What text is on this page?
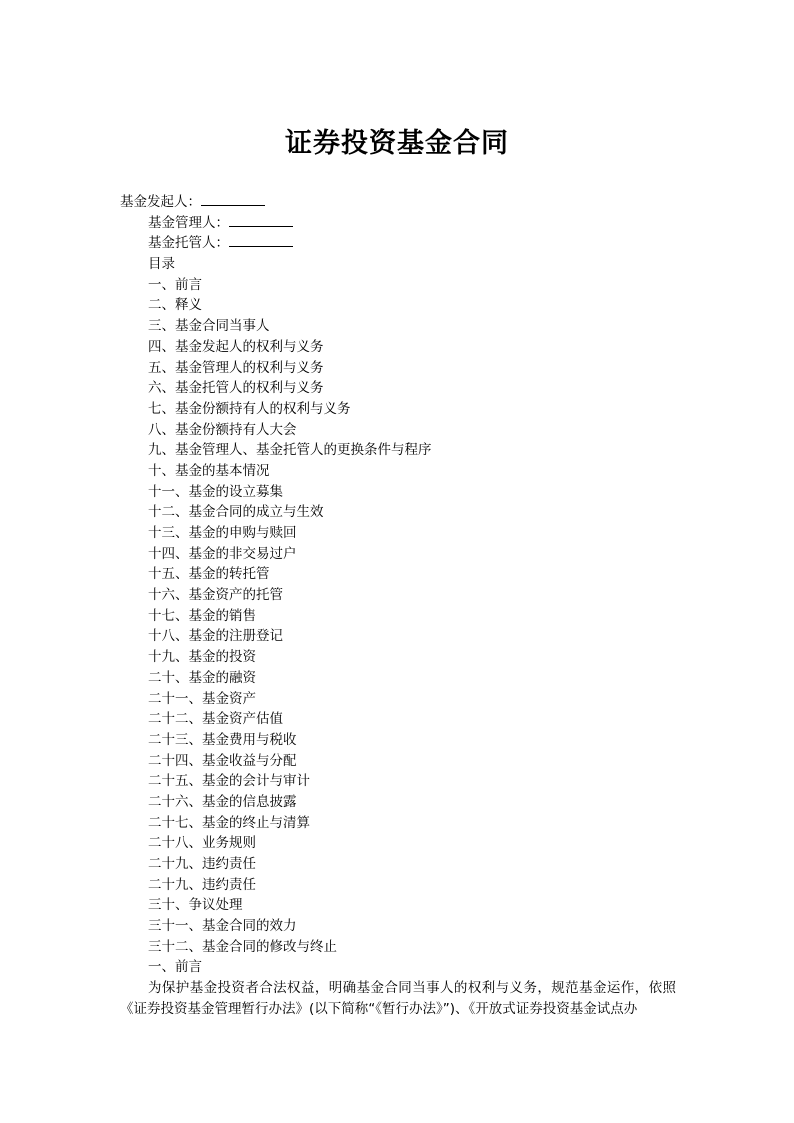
证券投资基金合同
基金发起人：
基金管理人：
基金托管人：
目录
一、前言
二、释义
三、基金合同当事人
四、基金发起人的权利与义务
五、基金管理人的权利与义务
六、基金托管人的权利与义务
七、基金份额持有人的权利与义务
八、基金份额持有人大会
九、基金管理人、基金托管人的更换条件与程序
十、基金的基本情况
十一、基金的设立募集
十二、基金合同的成立与生效
十三、基金的申购与赎回
十四、基金的非交易过户
十五、基金的转托管
十六、基金资产的托管
十七、基金的销售
十八、基金的注册登记
十九、基金的投资
二十、基金的融资
二十一、基金资产
二十二、基金资产估值
二十三、基金费用与税收
二十四、基金收益与分配
二十五、基金的会计与审计
二十六、基金的信息披露
二十七、基金的终止与清算
二十八、业务规则
二十九、违约责任
二十九、违约责任
三十、争议处理
三十一、基金合同的效力
三十二、基金合同的修改与终止
一、前言
为保护基金投资者合法权益，明确基金合同当事人的权利与义务，规范基金运作，依照《证券投资基金管理暂行办法》(以下简称“《暂行办法》”)、《开放式证券投资基金试点办
